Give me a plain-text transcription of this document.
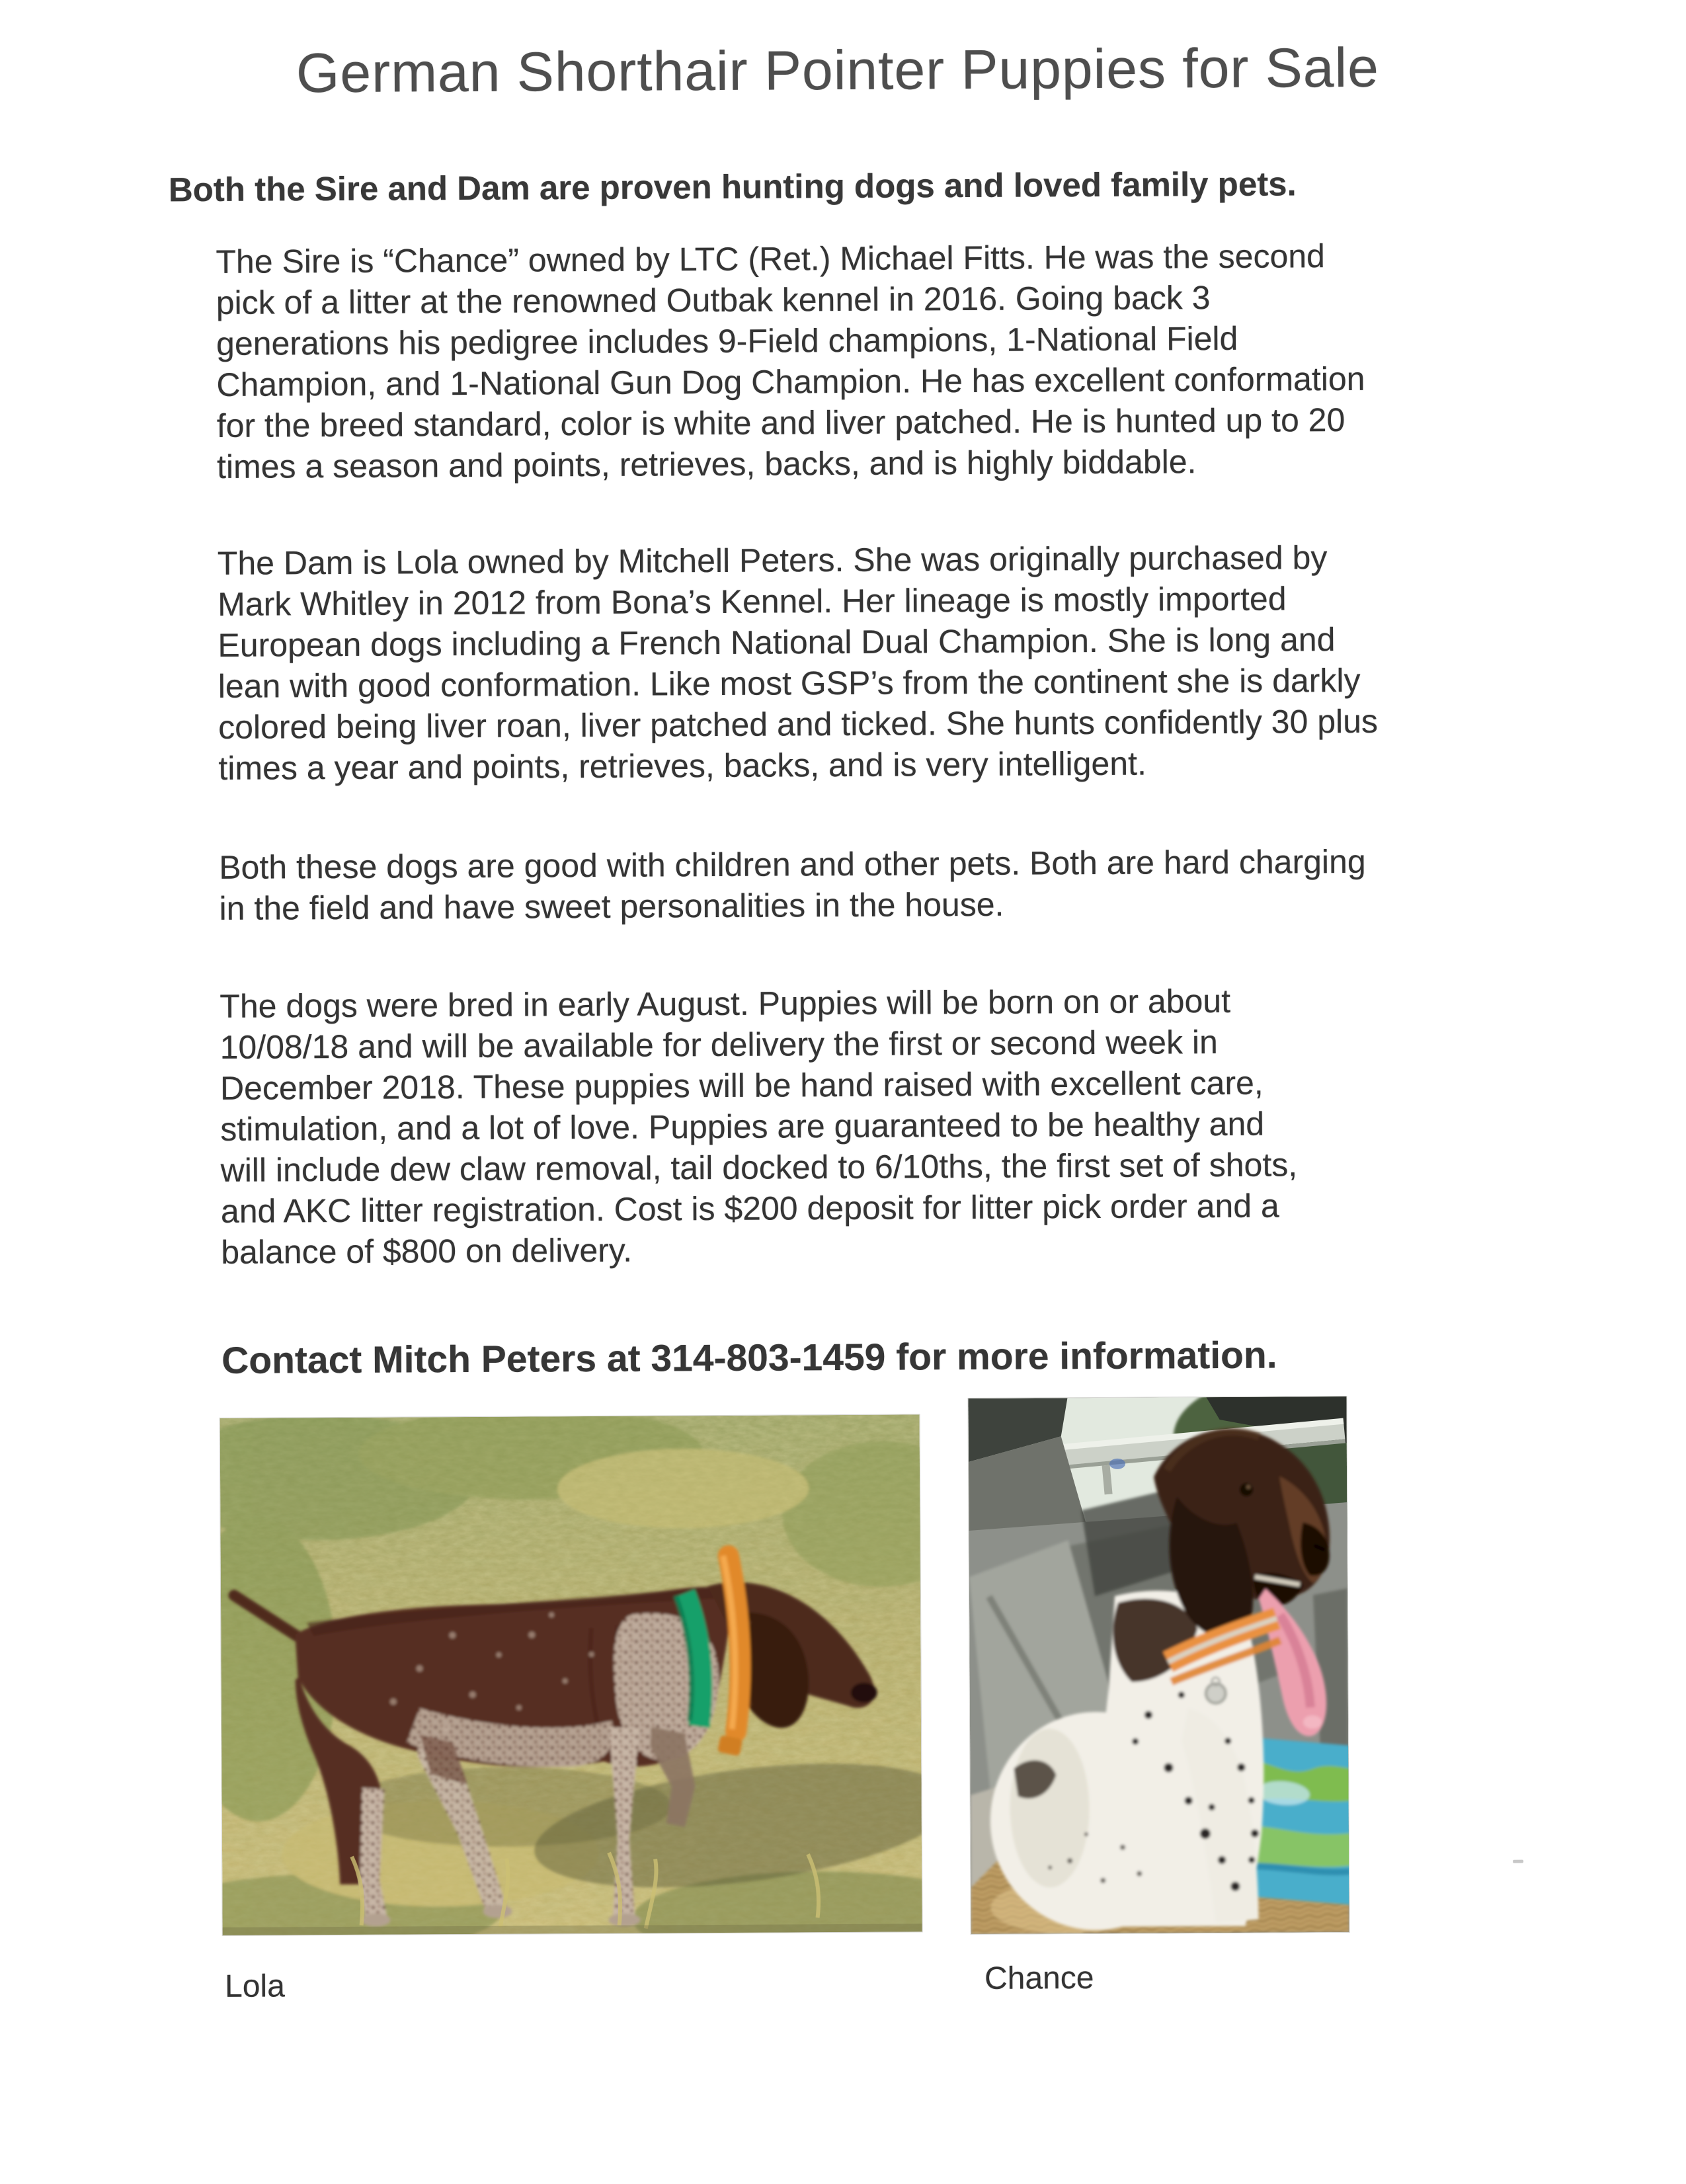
German Shorthair Pointer Puppies for Sale

Both the Sire and Dam are proven hunting dogs and loved family pets.

The Sire is “Chance” owned by LTC (Ret.) Michael Fitts. He was the second
pick of a litter at the renowned Outbak kennel in 2016. Going back 3
generations his pedigree includes 9-Field champions, 1-National Field
Champion, and 1-National Gun Dog Champion. He has excellent conformation
for the breed standard, color is white and liver patched. He is hunted up to 20
times a season and points, retrieves, backs, and is highly biddable.

The Dam is Lola owned by Mitchell Peters. She was originally purchased by
Mark Whitley in 2012 from Bona’s Kennel. Her lineage is mostly imported
European dogs including a French National Dual Champion. She is long and
lean with good conformation. Like most GSP’s from the continent she is darkly
colored being liver roan, liver patched and ticked. She hunts confidently 30 plus
times a year and points, retrieves, backs, and is very intelligent.

Both these dogs are good with children and other pets. Both are hard charging
in the field and have sweet personalities in the house.

The dogs were bred in early August. Puppies will be born on or about
10/08/18 and will be available for delivery the first or second week in
December 2018. These puppies will be hand raised with excellent care,
stimulation, and a lot of love. Puppies are guaranteed to be healthy and
will include dew claw removal, tail docked to 6/10ths, the first set of shots,
and AKC litter registration. Cost is $200 deposit for litter pick order and a
balance of $800 on delivery.

Contact Mitch Peters at 314-803-1459 for more information.

Lola	Chance
